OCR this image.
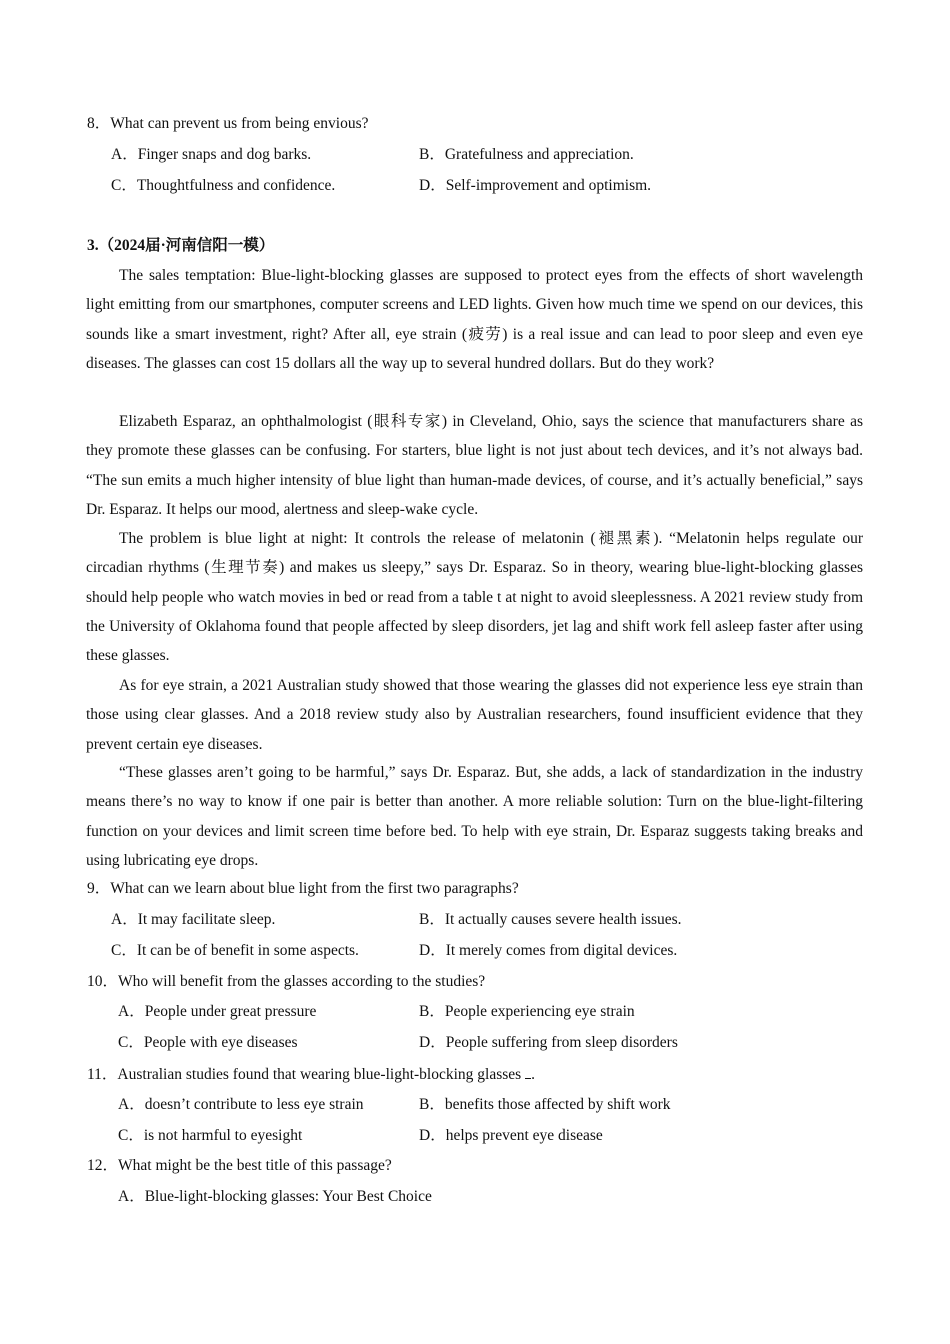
8．What can prevent us from being envious?
A．Finger snaps and dog barks.	B．Gratefulness and appreciation.
C．Thoughtfulness and confidence.	D．Self-improvement and optimism.
3.（2024届·河南信阳一模）
The sales temptation: Blue-light-blocking glasses are supposed to protect eyes from the effects of short wavelength light emitting from our smartphones, computer screens and LED lights. Given how much time we spend on our devices, this sounds like a smart investment, right? After all, eye strain (疲劳) is a real issue and can lead to poor sleep and even eye diseases. The glasses can cost 15 dollars all the way up to several hundred dollars. But do they work?
Elizabeth Esparaz, an ophthalmologist (眼科专家) in Cleveland, Ohio, says the science that manufacturers share as they promote these glasses can be confusing. For starters, blue light is not just about tech devices, and it’s not always bad. “The sun emits a much higher intensity of blue light than human-made devices, of course, and it’s actually beneficial,” says Dr. Esparaz. It helps our mood, alertness and sleep-wake cycle.
The problem is blue light at night: It controls the release of melatonin (褪黑素). “Melatonin helps regulate our circadian rhythms (生理节奏) and makes us sleepy,” says Dr. Esparaz. So in theory, wearing blue-light-blocking glasses should help people who watch movies in bed or read from a table t at night to avoid sleeplessness. A 2021 review study from the University of Oklahoma found that people affected by sleep disorders, jet lag and shift work fell asleep faster after using these glasses.
As for eye strain, a 2021 Australian study showed that those wearing the glasses did not experience less eye strain than those using clear glasses. And a 2018 review study also by Australian researchers, found insufficient evidence that they prevent certain eye diseases.
“These glasses aren’t going to be harmful,” says Dr. Esparaz. But, she adds, a lack of standardization in the industry means there’s no way to know if one pair is better than another. A more reliable solution: Turn on the blue-light-filtering function on your devices and limit screen time before bed. To help with eye strain, Dr. Esparaz suggests taking breaks and using lubricating eye drops.
9．What can we learn about blue light from the first two paragraphs?
A．It may facilitate sleep.	B．It actually causes severe health issues.
C．It can be of benefit in some aspects.	D．It merely comes from digital devices.
10．Who will benefit from the glasses according to the studies?
A．People under great pressure	B．People experiencing eye strain
C．People with eye diseases	D．People suffering from sleep disorders
11．Australian studies found that wearing blue-light-blocking glasses .
A．doesn’t contribute to less eye strain	B．benefits those affected by shift work
C．is not harmful to eyesight	D．helps prevent eye disease
12．What might be the best title of this passage?
A．Blue-light-blocking glasses: Your Best Choice
